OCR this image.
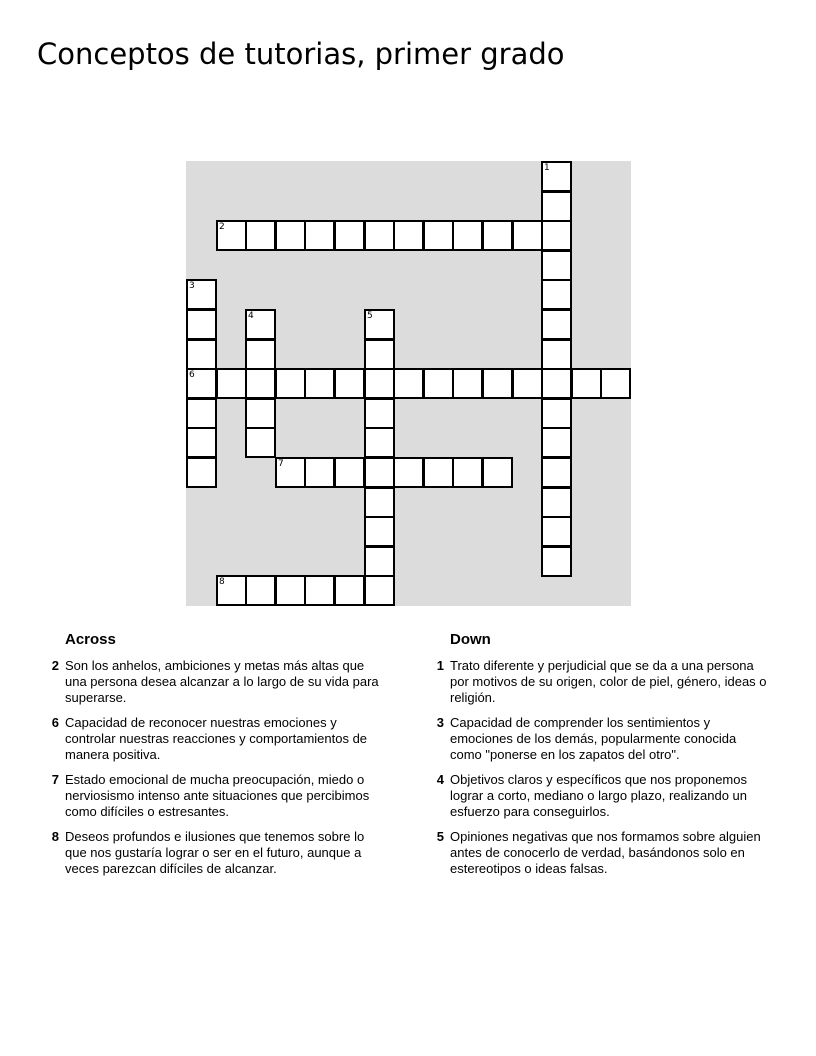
Conceptos de tutorias, primer grado
1
2
3
6
4	5
7
8
Across
2 Son los anhelos, ambiciones y metas más altas que una persona desea alcanzar a lo largo de su vida para superarse.
6 Capacidad de reconocer nuestras emociones y controlar nuestras reacciones y comportamientos de manera positiva.
7 Estado emocional de mucha preocupación, miedo o nerviosismo intenso ante situaciones que percibimos como difíciles o estresantes.
8 Deseos profundos e ilusiones que tenemos sobre lo que nos gustaría lograr o ser en el futuro, aunque a veces parezcan difíciles de alcanzar.
Down
1 Trato diferente y perjudicial que se da a una persona por motivos de su origen, color de piel, género, ideas o religión.
3 Capacidad de comprender los sentimientos y emociones de los demás, popularmente conocida como "ponerse en los zapatos del otro".
4 Objetivos claros y específicos que nos proponemos lograr a corto, mediano o largo plazo, realizando un esfuerzo para conseguirlos.
5 Opiniones negativas que nos formamos sobre alguien antes de conocerlo de verdad, basándonos solo en estereotipos o ideas falsas.
